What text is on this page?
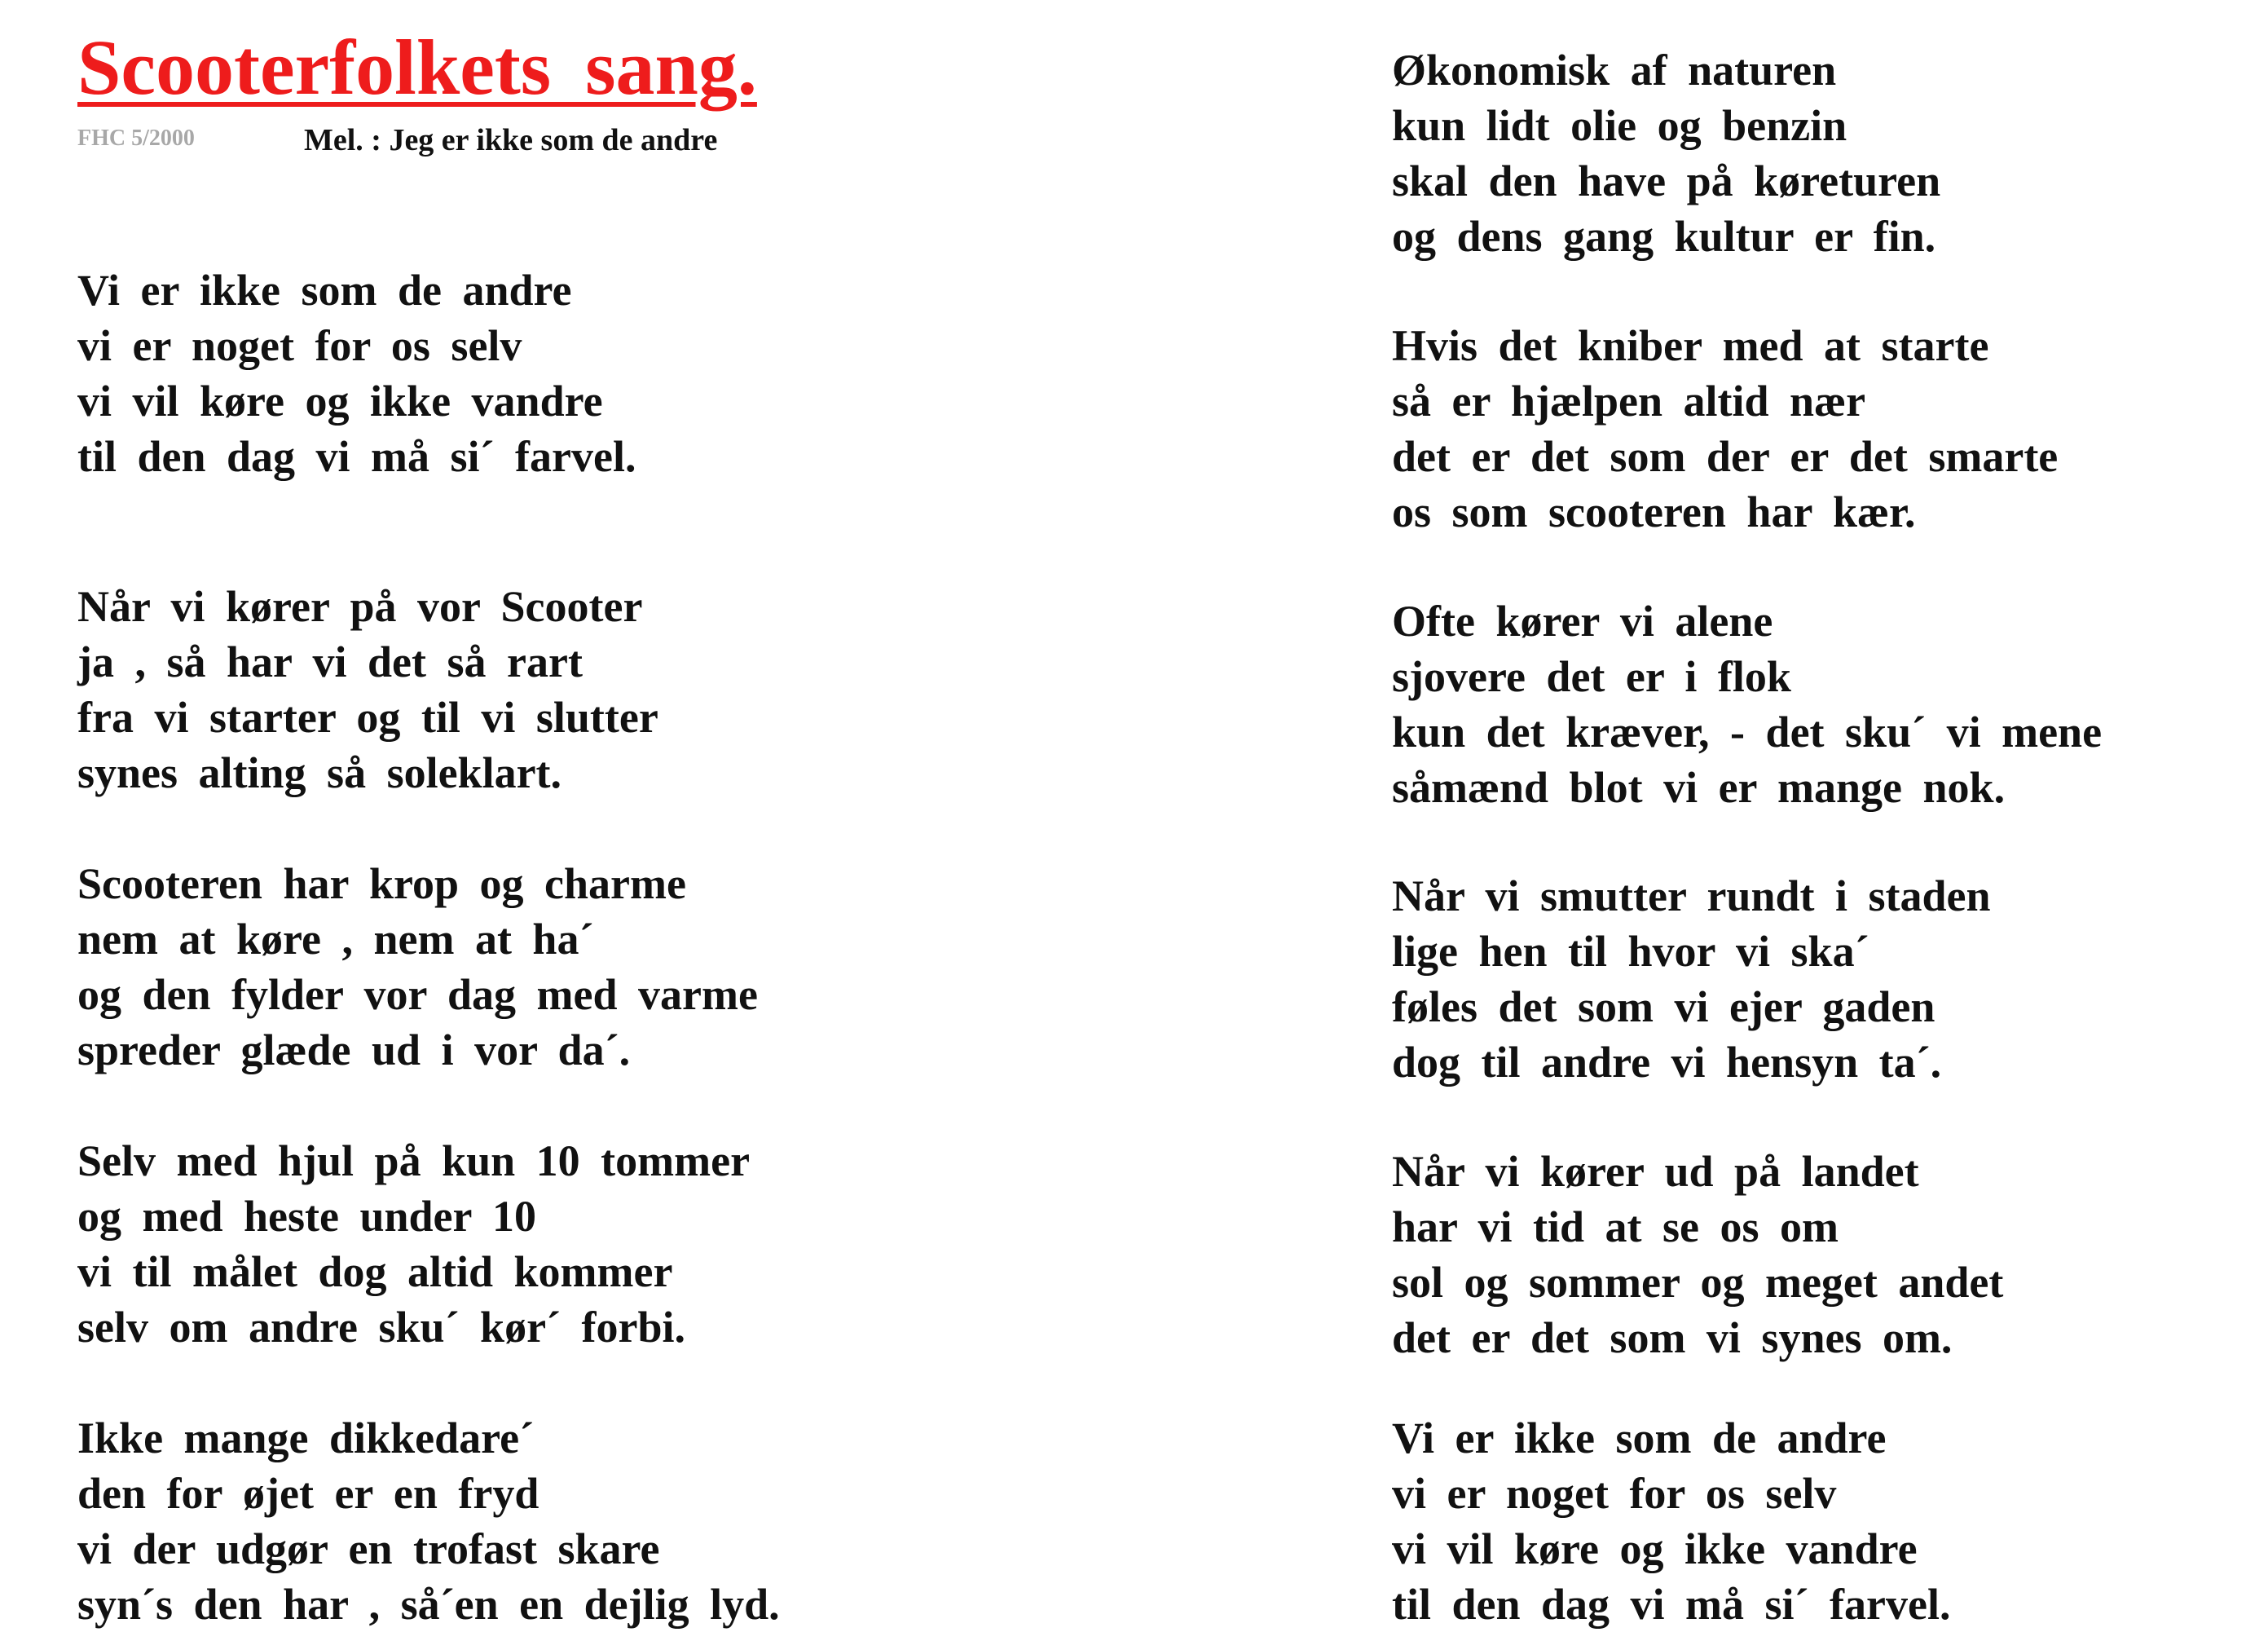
Scooterfolkets sang.
FHC 5/2000	Mel. : Jeg er ikke som de andre
Vi er ikke som de andre
vi er noget for os selv
vi vil køre og ikke vandre
til den dag vi må si´ farvel.
Når vi kører på vor Scooter
ja , så har vi det så rart
fra vi starter og til vi slutter
synes alting så soleklart.
Scooteren har krop og charme
nem at køre , nem at ha´
og den fylder vor dag med varme
spreder glæde ud i vor da´.
Selv med hjul på kun 10 tommer
og med heste under 10
vi til målet dog altid kommer
selv om andre sku´ kør´ forbi.
Ikke mange dikkedare´
den for øjet er en fryd
vi der udgør en trofast skare
syn´s den har , så´en en dejlig lyd.
Økonomisk af naturen
kun lidt olie og benzin
skal den have på køreturen
og dens gang kultur er fin.
Hvis det kniber med at starte
så er hjælpen altid nær
det er det som der er det smarte
os som scooteren har kær.
Ofte kører vi alene
sjovere det er i flok
kun det kræver, - det sku´ vi mene
såmænd blot vi er mange nok.
Når vi smutter rundt i staden
lige hen til hvor vi ska´
føles det som vi ejer gaden
dog til andre vi hensyn ta´.
Når vi kører ud på landet
har vi tid at se os om
sol og sommer og meget andet
det er det som vi synes om.
Vi er ikke som de andre
vi er noget for os selv
vi vil køre og ikke vandre
til den dag vi må si´ farvel.
